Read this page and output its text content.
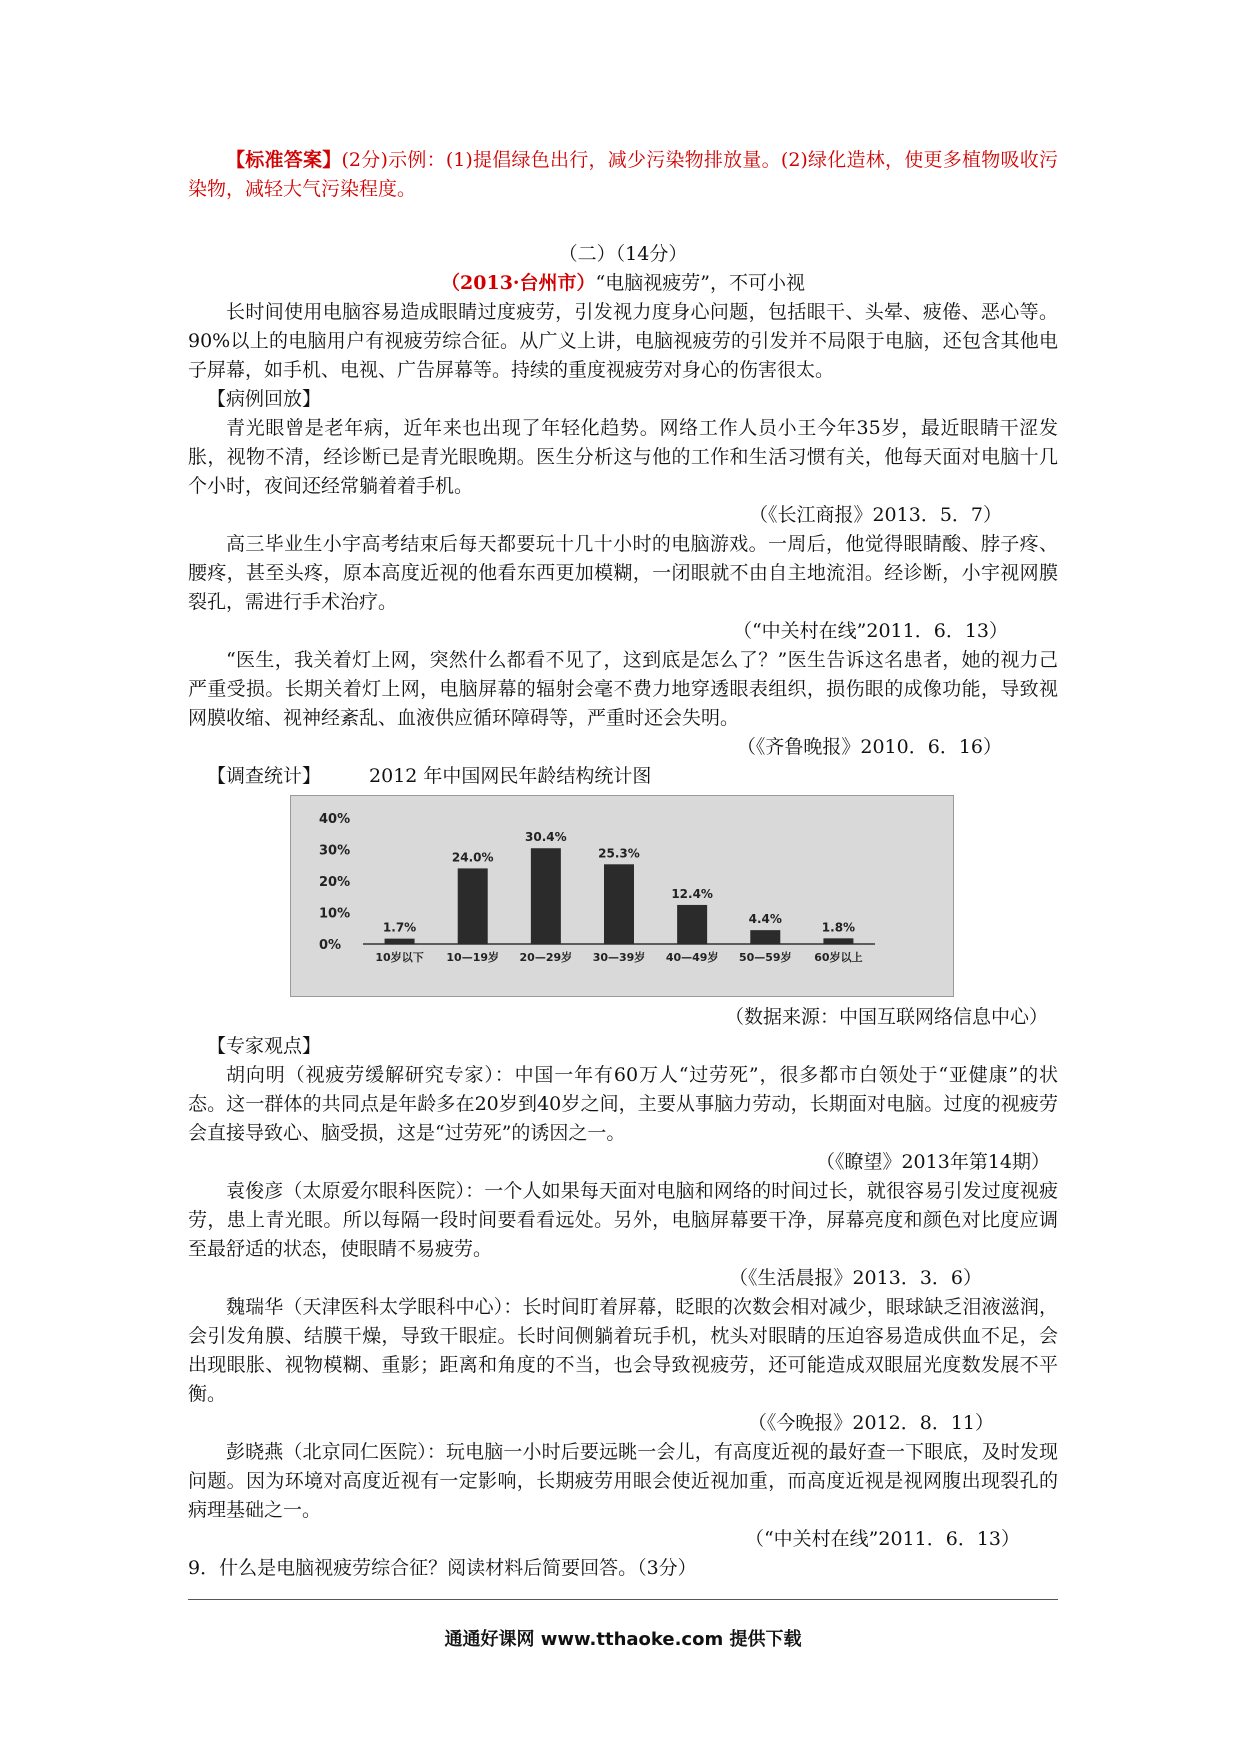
【标准答案】(2分)示例：(1)提倡绿色出行，减少污染物排放量。(2)绿化造林，使更多植物吸收污染物，减轻大气污染程度。

（二）（14分）

（2013·台州市）“电脑视疲劳”，不可小视

长时间使用电脑容易造成眼睛过度疲劳，引发视力度身心问题，包括眼干、头晕、疲倦、恶心等。90%以上的电脑用户有视疲劳综合征。从广义上讲，电脑视疲劳的引发并不局限于电脑，还包含其他电子屏幕，如手机、电视、广告屏幕等。持续的重度视疲劳对身心的伤害很太。

【病例回放】

青光眼曾是老年病，近年来也出现了年轻化趋势。网络工作人员小王今年35岁，最近眼睛干涩发胀，视物不清，经诊断已是青光眼晚期。医生分析这与他的工作和生活习惯有关，他每天面对电脑十几个小时，夜间还经常躺着着手机。

（《长江商报》2013．5．7）

高三毕业生小宇高考结束后每天都要玩十几十小时的电脑游戏。一周后，他觉得眼睛酸、脖子疼、腰疼，甚至头疼，原本高度近视的他看东西更加模糊，一闭眼就不由自主地流泪。经诊断，小宇视网膜裂孔，需进行手术治疗。

（“中关村在线”2011．6．13）

“医生，我关着灯上网，突然什么都看不见了，这到底是怎么了？”医生告诉这名患者，她的视力己严重受损。长期关着灯上网，电脑屏幕的辐射会毫不费力地穿透眼表组织，损伤眼的成像功能，导致视网膜收缩、视神经紊乱、血液供应循环障碍等，严重时还会失明。

（《齐鲁晚报》2010．6．16）

【调查统计】	2012 年中国网民年龄结构统计图

0%
10%
20%
30%
40%
1.7%
10岁以下
24.0%
10—19岁
30.4%
20—29岁
25.3%
30—39岁
12.4%
40—49岁
4.4%
50—59岁
1.8%
60岁以上

（数据来源：中国互联网络信息中心）

【专家观点】

胡向明（视疲劳缓解研究专家）：中国一年有60万人“过劳死”，很多都市白领处于“亚健康”的状态。这一群体的共同点是年龄多在20岁到40岁之间，主要从事脑力劳动，长期面对电脑。过度的视疲劳会直接导致心、脑受损，这是“过劳死”的诱因之一。

（《瞭望》2013年第14期）

袁俊彦（太原爱尔眼科医院）：一个人如果每天面对电脑和网络的时间过长，就很容易引发过度视疲劳，患上青光眼。所以每隔一段时间要看看远处。另外，电脑屏幕要干净，屏幕亮度和颜色对比度应调至最舒适的状态，使眼睛不易疲劳。

（《生活晨报》2013．3．6）

魏瑞华（天津医科太学眼科中心）：长时间盯着屏幕，眨眼的次数会相对减少，眼球缺乏泪液滋润，会引发角膜、结膜干燥，导致干眼症。长时间侧躺着玩手机，枕头对眼睛的压迫容易造成供血不足，会出现眼胀、视物模糊、重影；距离和角度的不当，也会导致视疲劳，还可能造成双眼屈光度数发展不平衡。

（《今晚报》2012．8．11）

彭晓燕（北京同仁医院）：玩电脑一小时后要远眺一会儿，有高度近视的最好查一下眼底，及时发现问题。因为环境对高度近视有一定影响，长期疲劳用眼会使近视加重，而高度近视是视网腹出现裂孔的病理基础之一。

（“中关村在线”2011．6．13）

9．什么是电脑视疲劳综合征？阅读材料后简要回答。（3分）

通通好课网 www.tthaoke.com 提供下载
